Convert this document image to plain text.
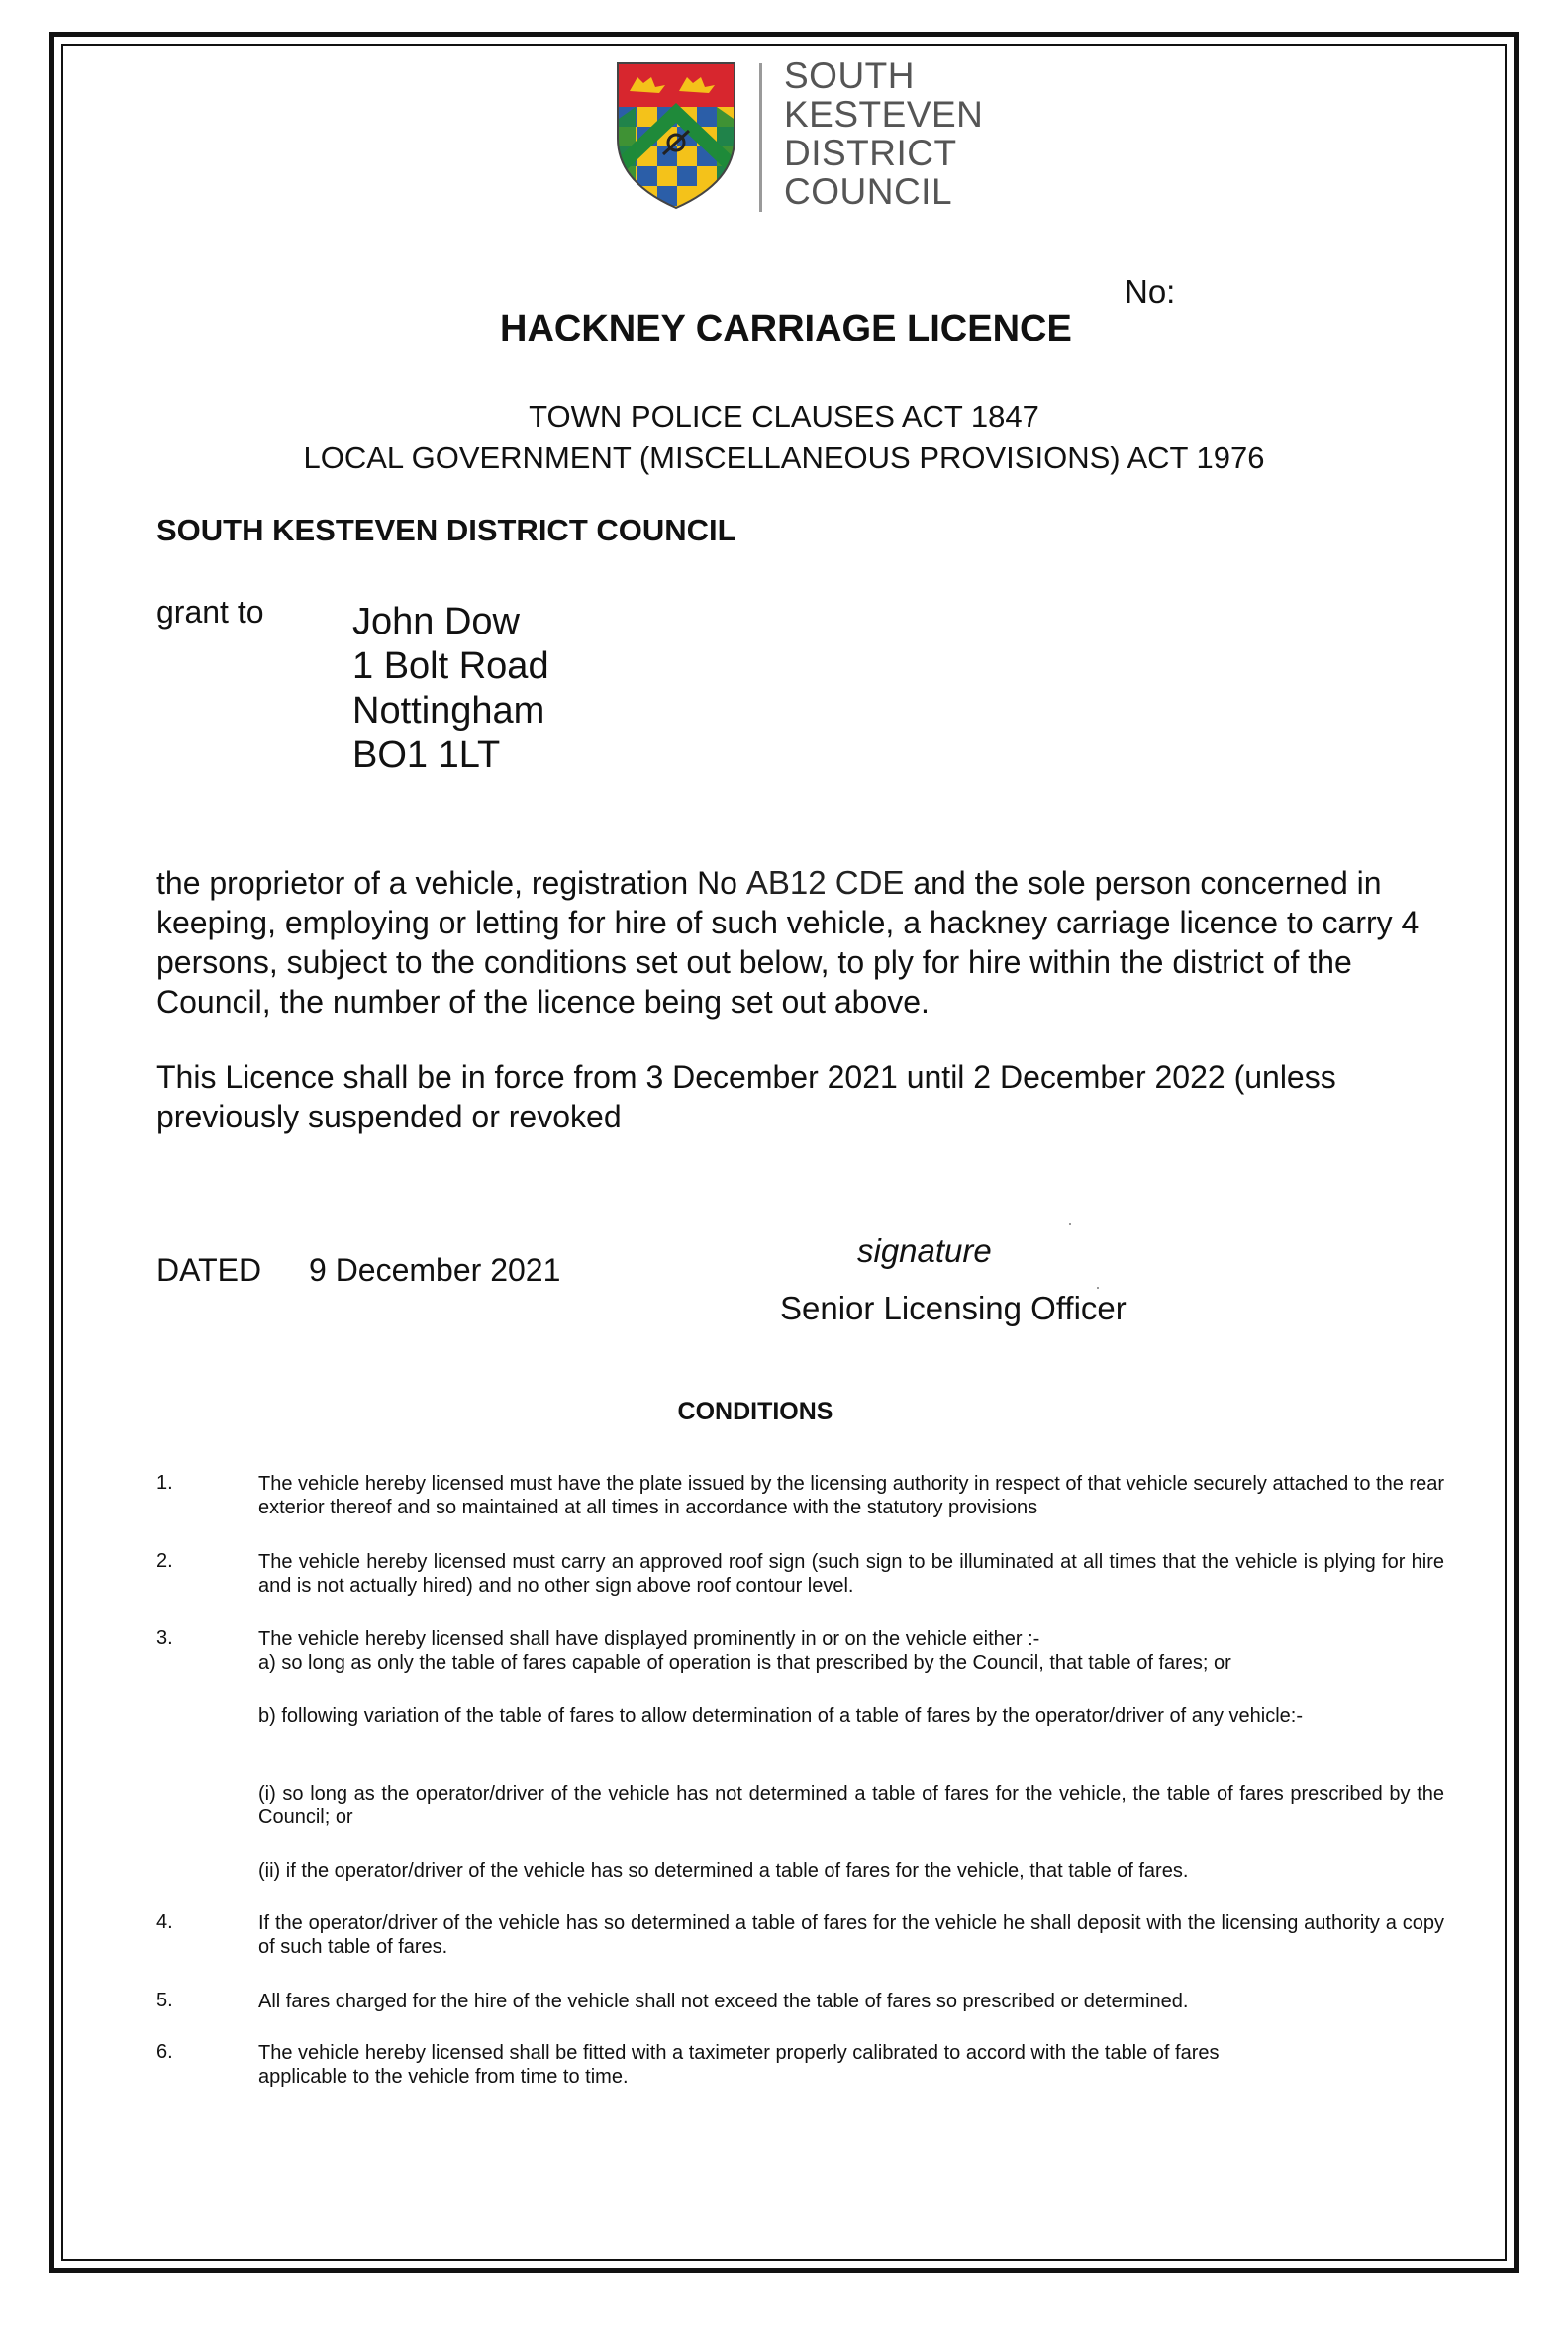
SOUTH
KESTEVEN
DISTRICT
COUNCIL
No:
HACKNEY CARRIAGE LICENCE
TOWN POLICE CLAUSES ACT 1847
LOCAL GOVERNMENT (MISCELLANEOUS PROVISIONS) ACT 1976
SOUTH KESTEVEN DISTRICT COUNCIL
grant to John Dow
1 Bolt Road
Nottingham
BO1 1LT
the proprietor of a vehicle, registration No AB12 CDE and the sole person concerned in keeping, employing or letting for hire of such vehicle, a hackney carriage licence to carry 4 persons, subject to the conditions set out below, to ply for hire within the district of the Council, the number of the licence being set out above.
This Licence shall be in force from 3 December 2021 until 2 December 2022 (unless previously suspended or revoked
DATED 9 December 2021
signature
Senior Licensing Officer
CONDITIONS
1.	The vehicle hereby licensed must have the plate issued by the licensing authority in respect of that vehicle securely attached to the rear exterior thereof and so maintained at all times in accordance with the statutory provisions
2.	The vehicle hereby licensed must carry an approved roof sign (such sign to be illuminated at all times that the vehicle is plying for hire and is not actually hired) and no other sign above roof contour level.
3.	The vehicle hereby licensed shall have displayed prominently in or on the vehicle either :-
a) so long as only the table of fares capable of operation is that prescribed by the Council, that table of fares; or
b) following variation of the table of fares to allow determination of a table of fares by the operator/driver of any vehicle:-
(i) so long as the operator/driver of the vehicle has not determined a table of fares for the vehicle, the table of fares prescribed by the Council; or
(ii) if the operator/driver of the vehicle has so determined a table of fares for the vehicle, that table of fares.
4.	If the operator/driver of the vehicle has so determined a table of fares for the vehicle he shall deposit with the licensing authority a copy of such table of fares.
5.	All fares charged for the hire of the vehicle shall not exceed the table of fares so prescribed or determined.
6.	The vehicle hereby licensed shall be fitted with a taximeter properly calibrated to accord with the table of fares
applicable to the vehicle from time to time.
